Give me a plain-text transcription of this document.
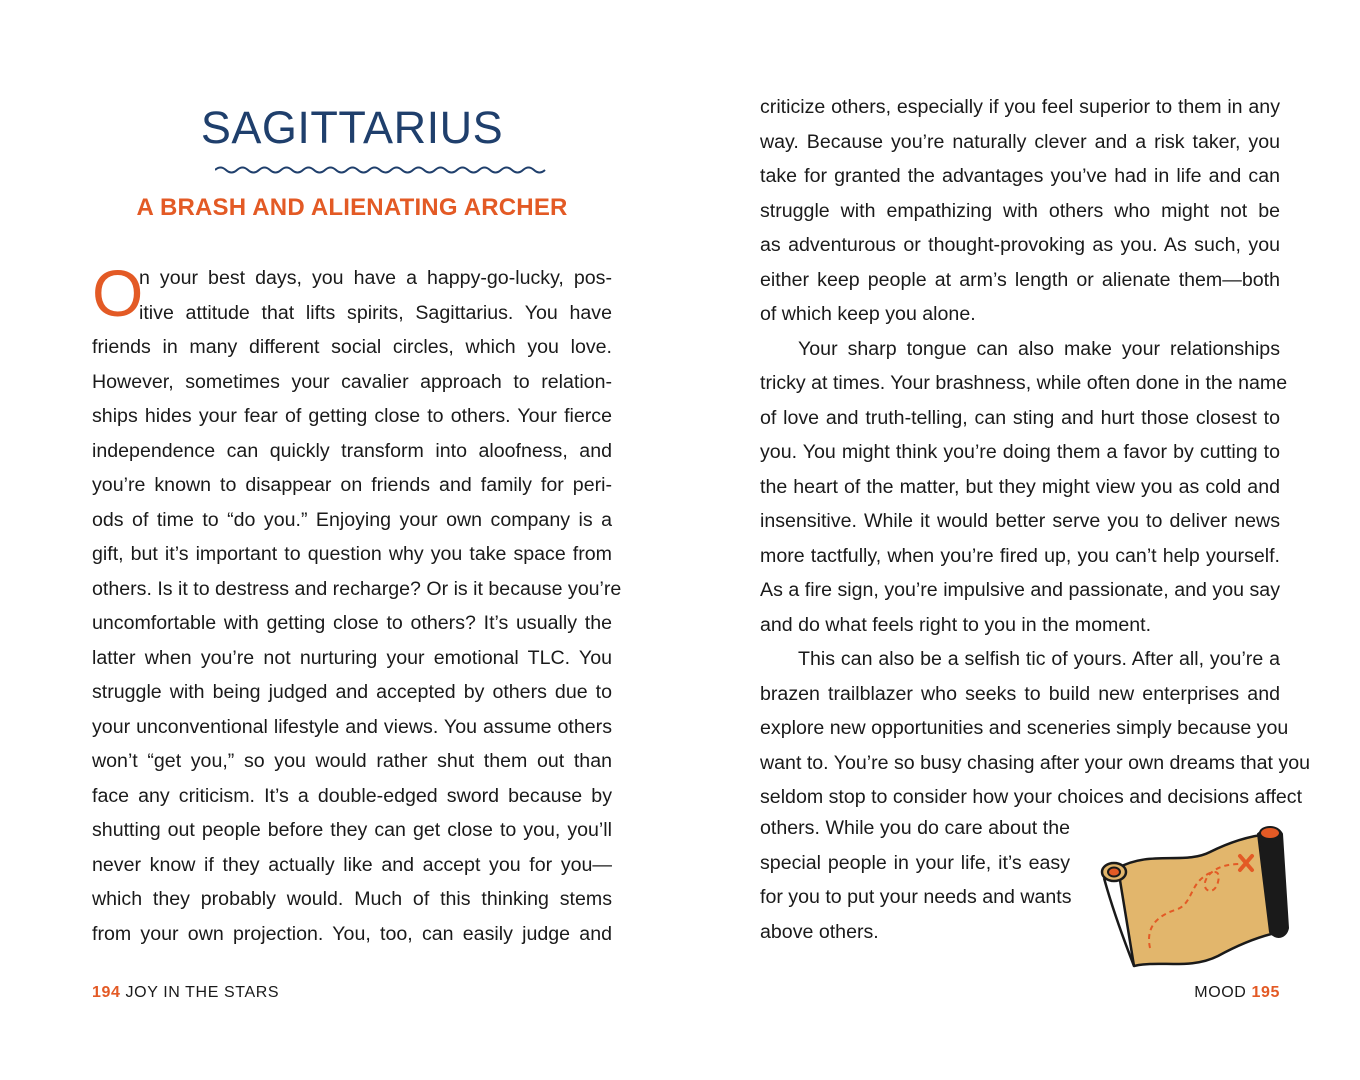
SAGITTARIUS
A BRASH AND ALIENATING ARCHER
O
n your best days, you have a happy-go-lucky, pos-
itive attitude that lifts spirits, Sagittarius. You have
friends in many different social circles, which you love.
However, sometimes your cavalier approach to relation-
ships hides your fear of getting close to others. Your fierce
independence can quickly transform into aloofness, and
you’re known to disappear on friends and family for peri-
ods of time to “do you.” Enjoying your own company is a
gift, but it’s important to question why you take space from
others. Is it to destress and recharge? Or is it because you’re
uncomfortable with getting close to others? It’s usually the
latter when you’re not nurturing your emotional TLC. You
struggle with being judged and accepted by others due to
your unconventional lifestyle and views. You assume others
won’t “get you,” so you would rather shut them out than
face any criticism. It’s a double-edged sword because by
shutting out people before they can get close to you, you’ll
never know if they actually like and accept you for you—
which they probably would. Much of this thinking stems
from your own projection. You, too, can easily judge and

194 JOY IN THE STARS

criticize others, especially if you feel superior to them in any
way. Because you’re naturally clever and a risk taker, you
take for granted the advantages you’ve had in life and can
struggle with empathizing with others who might not be
as adventurous or thought-provoking as you. As such, you
either keep people at arm’s length or alienate them—both
of which keep you alone.
Your sharp tongue can also make your relationships
tricky at times. Your brashness, while often done in the name
of love and truth-telling, can sting and hurt those closest to
you. You might think you’re doing them a favor by cutting to
the heart of the matter, but they might view you as cold and
insensitive. While it would better serve you to deliver news
more tactfully, when you’re fired up, you can’t help yourself.
As a fire sign, you’re impulsive and passionate, and you say
and do what feels right to you in the moment.
This can also be a selfish tic of yours. After all, you’re a
brazen trailblazer who seeks to build new enterprises and
explore new opportunities and sceneries simply because you
want to. You’re so busy chasing after your own dreams that you
seldom stop to consider how your choices and decisions affect
others. While you do care about the
special people in your life, it’s easy
for you to put your needs and wants
above others.

MOOD 195
